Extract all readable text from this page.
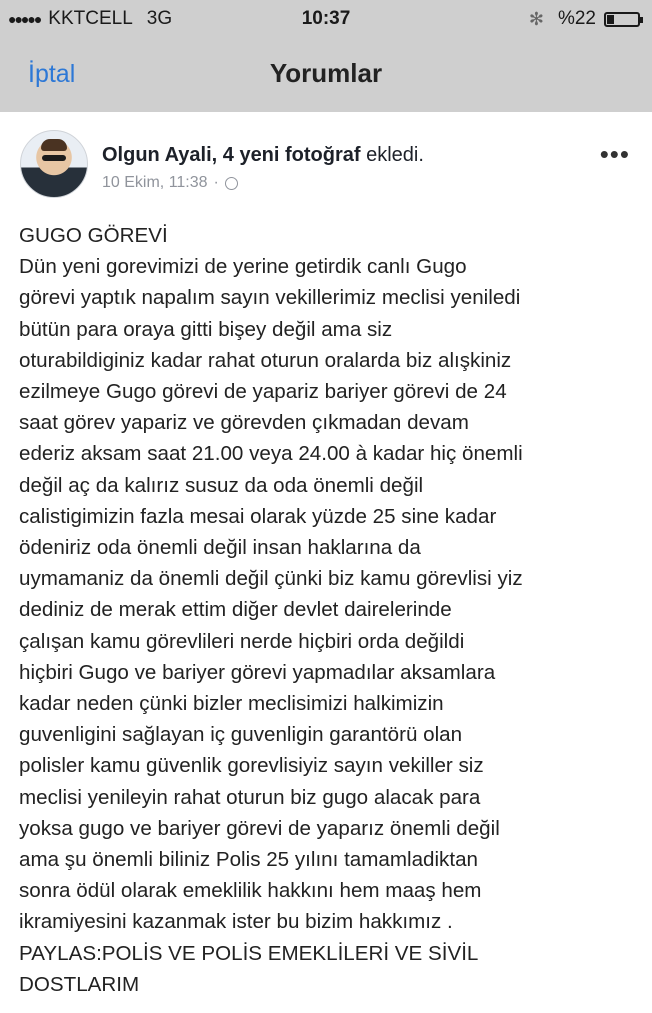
●●●●● KKTCELL 3G	10:37	✻ %22
İptal	Yorumlar
Olgun Ayali, 4 yeni fotoğraf ekledi.
10 Ekim, 11:38 ·
•••
GUGO GÖREVİ
Dün yeni gorevimizi de yerine getirdik canlı Gugo
görevi yaptık napalım sayın vekillerimiz meclisi yeniledi
bütün para oraya gitti bişey değil ama siz
oturabildiginiz kadar rahat oturun oralarda biz alışkiniz
ezilmeye Gugo görevi de yapariz bariyer görevi de 24
saat görev yapariz ve görevden çıkmadan devam
ederiz aksam saat 21.00 veya 24.00 à kadar hiç önemli
değil aç da kalırız susuz da oda önemli değil
calistigimizin fazla mesai olarak yüzde 25 sine kadar
ödeniriz oda önemli değil insan haklarına da
uymamaniz da önemli değil çünki biz kamu görevlisi yiz
dediniz de merak ettim diğer devlet dairelerinde
çalışan kamu görevlileri nerde hiçbiri orda değildi
hiçbiri Gugo ve bariyer görevi yapmadılar aksamlara
kadar neden çünki bizler meclisimizi halkimizin
guvenligini sağlayan iç guvenligin garantörü olan
polisler kamu güvenlik gorevlisiyiz sayın vekiller siz
meclisi yenileyin rahat oturun biz gugo alacak para
yoksa gugo ve bariyer görevi de yaparız önemli değil
ama şu önemli biliniz Polis 25 yılını tamamladiktan
sonra ödül olarak emeklilik hakkını hem maaş hem
ikramiyesini kazanmak ister bu bizim hakkımız .
PAYLAS:POLİS VE POLİS EMEKLİLERİ VE SİVİL
DOSTLARIM
